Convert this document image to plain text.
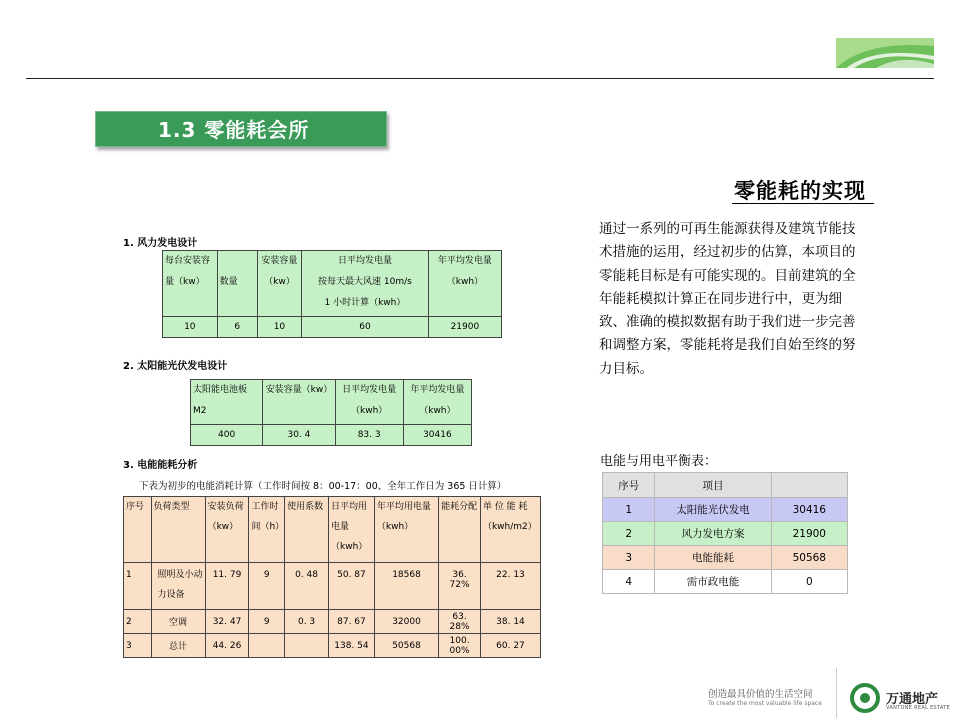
1.3 零能耗会所
零能耗的实现
通过一系列的可再生能源获得及建筑节能技术措施的运用，经过初步的估算，本项目的零能耗目标是有可能实现的。目前建筑的全年能耗模拟计算正在同步进行中，更为细致、准确的模拟数据有助于我们进一步完善和调整方案，零能耗将是我们自始至终的努力目标。
1. 风力发电设计
每台安装容量（kw）	数量	安装容量（kw）	日平均发电量
按每天最大风速 10m/s
1 小时计算（kwh）	年平均发电量（kwh）
10	6	10	60	21900
2. 太阳能光伏发电设计
太阳能电池板M2	安装容量（kw）	日平均发电量（kwh）	年平均发电量（kwh）
400	30. 4	83. 3	30416
3. 电能能耗分析
下表为初步的电能消耗计算（工作时间按 8：00-17：00、全年工作日为 365 日计算）
序号	负荷类型	安装负荷（kw）	工作时间（h）	使用系数	日平均用电量（kwh）	年平均用电量（kwh）	能耗分配	单 位 能 耗（kwh/m2）
1	照明及小动力设备	11. 79	9	0. 48	50. 87	18568	36. 72%	22. 13
2	空调	32. 47	9	0. 3	87. 67	32000	63. 28%	38. 14
3	总计	44. 26			138. 54	50568	100. 00%	60. 27
电能与用电平衡表：
序号	项目	
1	太阳能光伏发电	30416
2	风力发电方案	21900
3	电能能耗	50568
4	需市政电能	0
创造最具价值的生活空间
To create the most valuable life space	万通地产
VANTONE REAL ESTATE
